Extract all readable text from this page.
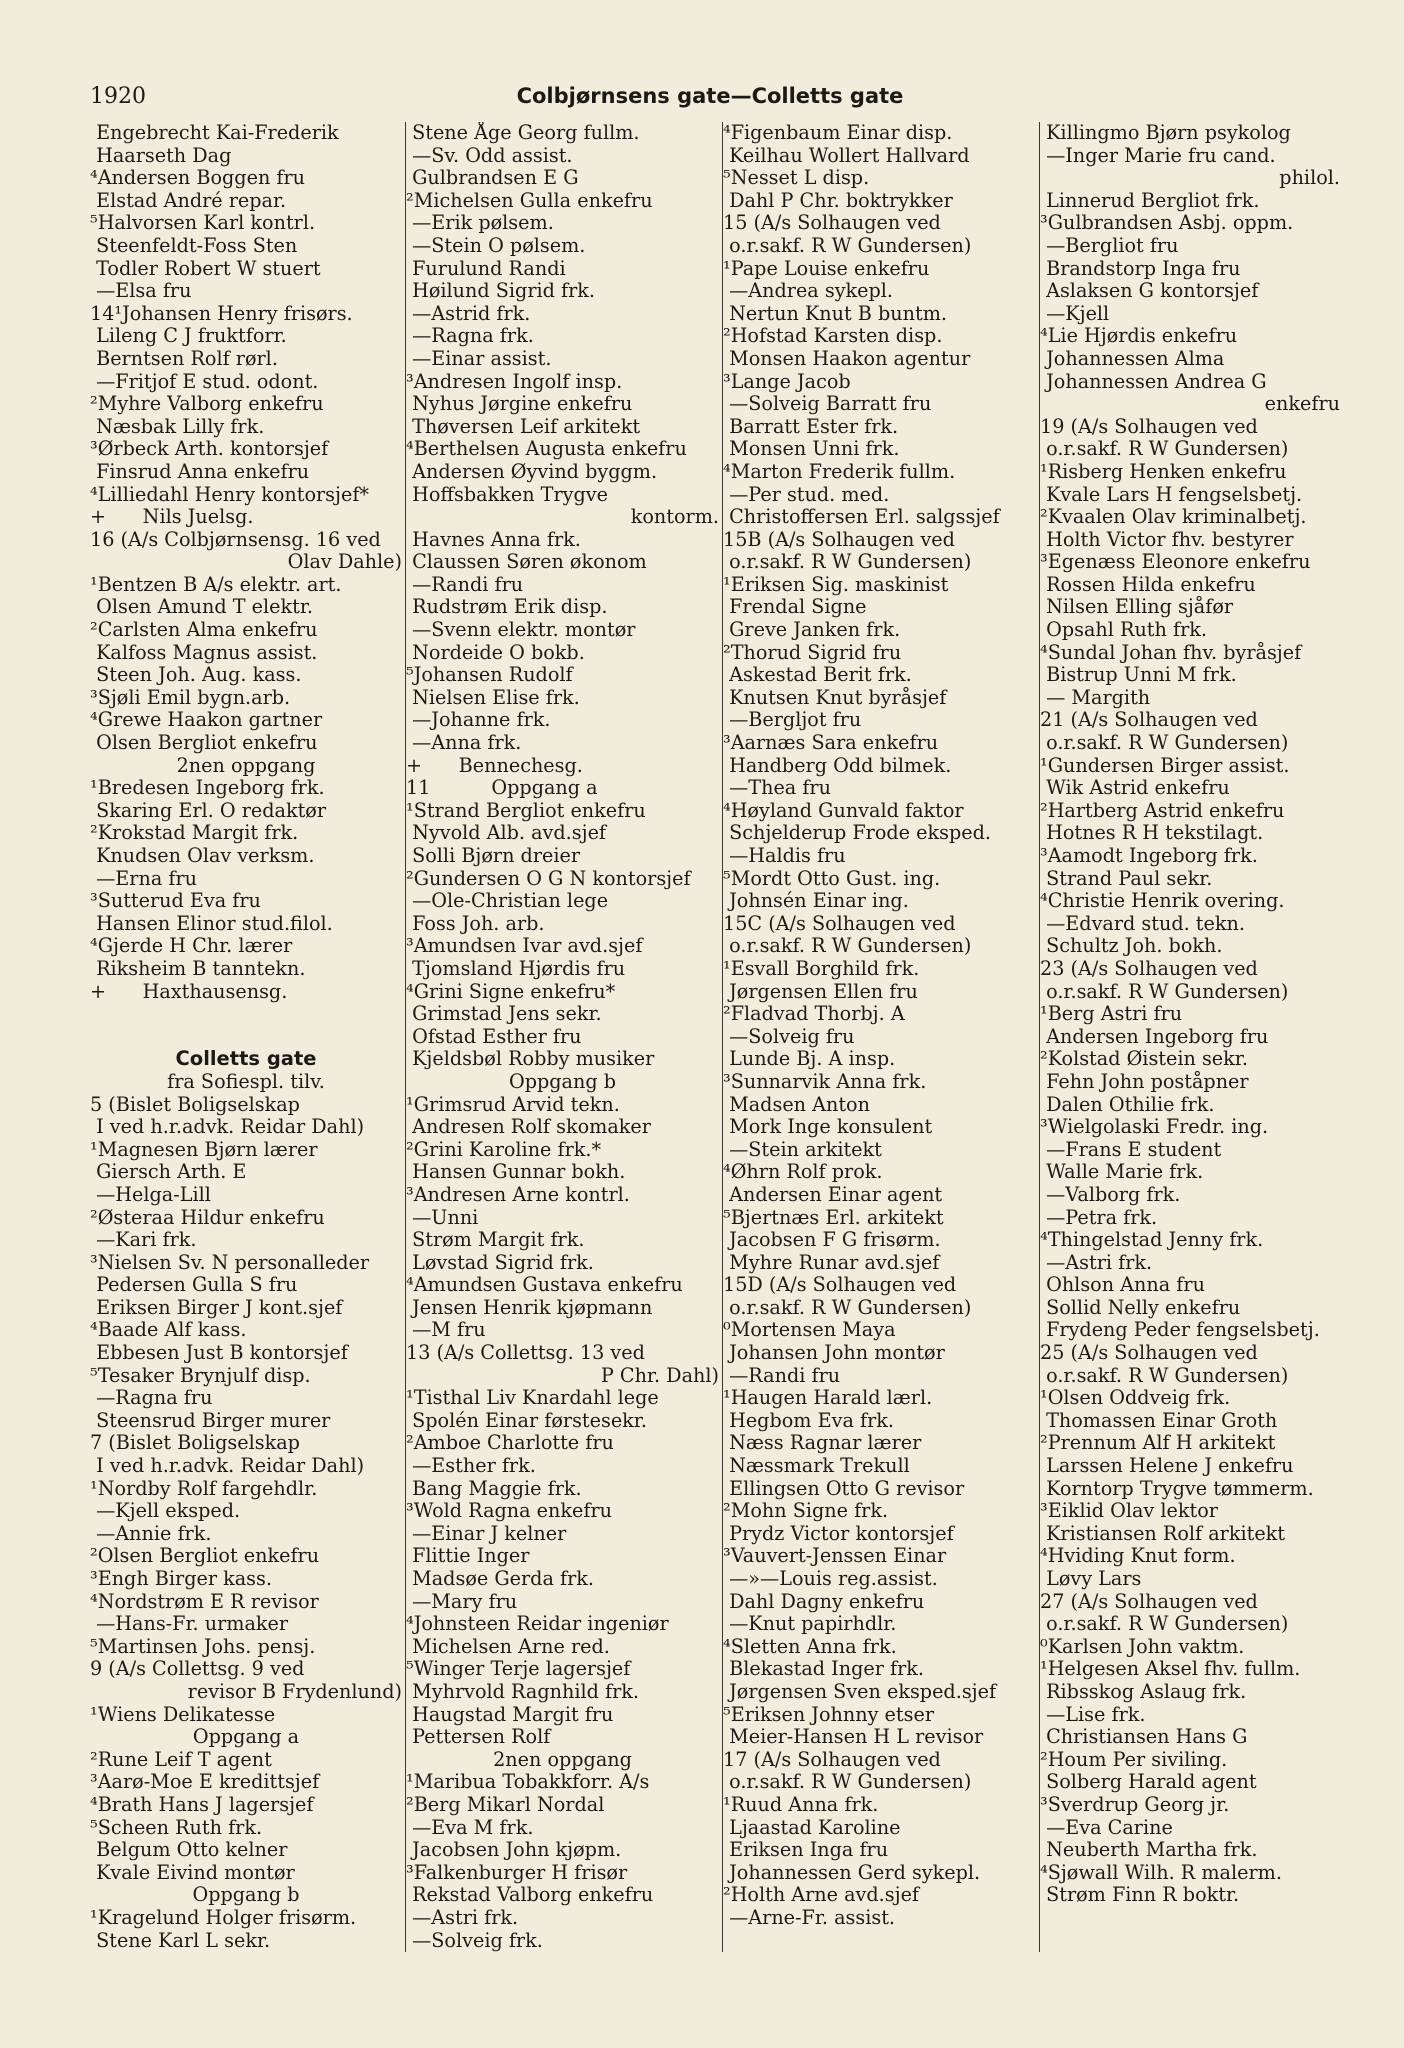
1920	Colbjørnsens gate—Colletts gate
Engebrecht Kai-Frederik
Haarseth Dag
⁴Andersen Boggen fru
Elstad André repar.
⁵Halvorsen Karl kontrl.
Steenfeldt-Foss Sten
Todler Robert W stuert
—Elsa fru
14¹Johansen Henry frisørs.
Lileng C J fruktforr.
Berntsen Rolf rørl.
—Fritjof E stud. odont.
²Myhre Valborg enkefru
Næsbak Lilly frk.
³Ørbeck Arth. kontorsjef
Finsrud Anna enkefru
⁴Lilliedahl Henry kontorsjef*
+      Nils Juelsg.
16 (A/s Colbjørnsensg. 16 ved
Olav Dahle)
¹Bentzen B A/s elektr. art.
Olsen Amund T elektr.
²Carlsten Alma enkefru
Kalfoss Magnus assist.
Steen Joh. Aug. kass.
³Sjøli Emil bygn.arb.
⁴Grewe Haakon gartner
Olsen Bergliot enkefru
2nen oppgang
¹Bredesen Ingeborg frk.
Skaring Erl. O redaktør
²Krokstad Margit frk.
Knudsen Olav verksm.
—Erna fru
³Sutterud Eva fru
Hansen Elinor stud.filol.
⁴Gjerde H Chr. lærer
Riksheim B tanntekn.
+      Haxthausensg.
Colletts gate
fra Sofiespl. tilv.
5 (Bislet Boligselskap
I ved h.r.advk. Reidar Dahl)
¹Magnesen Bjørn lærer
Giersch Arth. E
—Helga-Lill
²Østeraa Hildur enkefru
—Kari frk.
³Nielsen Sv. N personalleder
Pedersen Gulla S fru
Eriksen Birger J kont.sjef
⁴Baade Alf kass.
Ebbesen Just B kontorsjef
⁵Tesaker Brynjulf disp.
—Ragna fru
Steensrud Birger murer
7 (Bislet Boligselskap
I ved h.r.advk. Reidar Dahl)
¹Nordby Rolf fargehdlr.
—Kjell eksped.
—Annie frk.
²Olsen Bergliot enkefru
³Engh Birger kass.
⁴Nordstrøm E R revisor
—Hans-Fr. urmaker
⁵Martinsen Johs. pensj.
9 (A/s Collettsg. 9 ved
revisor B Frydenlund)
¹Wiens Delikatesse
Oppgang a
²Rune Leif T agent
³Aarø-Moe E kredittsjef
⁴Brath Hans J lagersjef
⁵Scheen Ruth frk.
Belgum Otto kelner
Kvale Eivind montør
Oppgang b
¹Kragelund Holger frisørm.
Stene Karl L sekr.
Stene Åge Georg fullm.
—Sv. Odd assist.
Gulbrandsen E G
²Michelsen Gulla enkefru
—Erik pølsem.
—Stein O pølsem.
Furulund Randi
Høilund Sigrid frk.
—Astrid frk.
—Ragna frk.
—Einar assist.
³Andresen Ingolf insp.
Nyhus Jørgine enkefru
Thøversen Leif arkitekt
⁴Berthelsen Augusta enkefru
Andersen Øyvind byggm.
Hoffsbakken Trygve
kontorm.
Havnes Anna frk.
Claussen Søren økonom
—Randi fru
Rudstrøm Erik disp.
—Svenn elektr. montør
Nordeide O bokb.
⁵Johansen Rudolf
Nielsen Elise frk.
—Johanne frk.
—Anna frk.
+      Bennechesg.
11          Oppgang a
¹Strand Bergliot enkefru
Nyvold Alb. avd.sjef
Solli Bjørn dreier
²Gundersen O G N kontorsjef
—Ole-Christian lege
Foss Joh. arb.
³Amundsen Ivar avd.sjef
Tjomsland Hjørdis fru
⁴Grini Signe enkefru*
Grimstad Jens sekr.
Ofstad Esther fru
Kjeldsbøl Robby musiker
Oppgang b
¹Grimsrud Arvid tekn.
Andresen Rolf skomaker
²Grini Karoline frk.*
Hansen Gunnar bokh.
³Andresen Arne kontrl.
—Unni
Strøm Margit frk.
Løvstad Sigrid frk.
⁴Amundsen Gustava enkefru
Jensen Henrik kjøpmann
—M fru
13 (A/s Collettsg. 13 ved
P Chr. Dahl)
¹Tisthal Liv Knardahl lege
Spolén Einar førstesekr.
²Amboe Charlotte fru
—Esther frk.
Bang Maggie frk.
³Wold Ragna enkefru
—Einar J kelner
Flittie Inger
Madsøe Gerda frk.
—Mary fru
⁴Johnsteen Reidar ingeniør
Michelsen Arne red.
⁵Winger Terje lagersjef
Myhrvold Ragnhild frk.
Haugstad Margit fru
Pettersen Rolf
2nen oppgang
¹Maribua Tobakkforr. A/s
²Berg Mikarl Nordal
—Eva M frk.
Jacobsen John kjøpm.
³Falkenburger H frisør
Rekstad Valborg enkefru
—Astri frk.
—Solveig frk.
⁴Figenbaum Einar disp.
Keilhau Wollert Hallvard
⁵Nesset L disp.
Dahl P Chr. boktrykker
15 (A/s Solhaugen ved
o.r.sakf. R W Gundersen)
¹Pape Louise enkefru
—Andrea sykepl.
Nertun Knut B buntm.
²Hofstad Karsten disp.
Monsen Haakon agentur
³Lange Jacob
—Solveig Barratt fru
Barratt Ester frk.
Monsen Unni frk.
⁴Marton Frederik fullm.
—Per stud. med.
Christoffersen Erl. salgssjef
15B (A/s Solhaugen ved
o.r.sakf. R W Gundersen)
¹Eriksen Sig. maskinist
Frendal Signe
Greve Janken frk.
²Thorud Sigrid fru
Askestad Berit frk.
Knutsen Knut byråsjef
—Bergljot fru
³Aarnæs Sara enkefru
Handberg Odd bilmek.
—Thea fru
⁴Høyland Gunvald faktor
Schjelderup Frode eksped.
—Haldis fru
⁵Mordt Otto Gust. ing.
Johnsén Einar ing.
15C (A/s Solhaugen ved
o.r.sakf. R W Gundersen)
¹Esvall Borghild frk.
Jørgensen Ellen fru
²Fladvad Thorbj. A
—Solveig fru
Lunde Bj. A insp.
³Sunnarvik Anna frk.
Madsen Anton
Mork Inge konsulent
—Stein arkitekt
⁴Øhrn Rolf prok.
Andersen Einar agent
⁵Bjertnæs Erl. arkitekt
Jacobsen F G frisørm.
Myhre Runar avd.sjef
15D (A/s Solhaugen ved
o.r.sakf. R W Gundersen)
⁰Mortensen Maya
Johansen John montør
—Randi fru
¹Haugen Harald lærl.
Hegbom Eva frk.
Næss Ragnar lærer
Næssmark Trekull
Ellingsen Otto G revisor
²Mohn Signe frk.
Prydz Victor kontorsjef
³Vauvert-Jenssen Einar
—»—Louis reg.assist.
Dahl Dagny enkefru
—Knut papirhdlr.
⁴Sletten Anna frk.
Blekastad Inger frk.
Jørgensen Sven eksped.sjef
⁵Eriksen Johnny etser
Meier-Hansen H L revisor
17 (A/s Solhaugen ved
o.r.sakf. R W Gundersen)
¹Ruud Anna frk.
Ljaastad Karoline
Eriksen Inga fru
Johannessen Gerd sykepl.
²Holth Arne avd.sjef
—Arne-Fr. assist.
Killingmo Bjørn psykolog
—Inger Marie fru cand.
philol.
Linnerud Bergliot frk.
³Gulbrandsen Asbj. oppm.
—Bergliot fru
Brandstorp Inga fru
Aslaksen G kontorsjef
—Kjell
⁴Lie Hjørdis enkefru
Johannessen Alma
Johannessen Andrea G
enkefru
19 (A/s Solhaugen ved
o.r.sakf. R W Gundersen)
¹Risberg Henken enkefru
Kvale Lars H fengselsbetj.
²Kvaalen Olav kriminalbetj.
Holth Victor fhv. bestyrer
³Egenæss Eleonore enkefru
Rossen Hilda enkefru
Nilsen Elling sjåfør
Opsahl Ruth frk.
⁴Sundal Johan fhv. byråsjef
Bistrup Unni M frk.
— Margith
21 (A/s Solhaugen ved
o.r.sakf. R W Gundersen)
¹Gundersen Birger assist.
Wik Astrid enkefru
²Hartberg Astrid enkefru
Hotnes R H tekstilagt.
³Aamodt Ingeborg frk.
Strand Paul sekr.
⁴Christie Henrik overing.
—Edvard stud. tekn.
Schultz Joh. bokh.
23 (A/s Solhaugen ved
o.r.sakf. R W Gundersen)
¹Berg Astri fru
Andersen Ingeborg fru
²Kolstad Øistein sekr.
Fehn John poståpner
Dalen Othilie frk.
³Wielgolaski Fredr. ing.
—Frans E student
Walle Marie frk.
—Valborg frk.
—Petra frk.
⁴Thingelstad Jenny frk.
—Astri frk.
Ohlson Anna fru
Sollid Nelly enkefru
Frydeng Peder fengselsbetj.
25 (A/s Solhaugen ved
o.r.sakf. R W Gundersen)
¹Olsen Oddveig frk.
Thomassen Einar Groth
²Prennum Alf H arkitekt
Larssen Helene J enkefru
Korntorp Trygve tømmerm.
³Eiklid Olav lektor
Kristiansen Rolf arkitekt
⁴Hviding Knut form.
Løvy Lars
27 (A/s Solhaugen ved
o.r.sakf. R W Gundersen)
⁰Karlsen John vaktm.
¹Helgesen Aksel fhv. fullm.
Ribsskog Aslaug frk.
—Lise frk.
Christiansen Hans G
²Houm Per siviling.
Solberg Harald agent
³Sverdrup Georg jr.
—Eva Carine
Neuberth Martha frk.
⁴Sjøwall Wilh. R malerm.
Strøm Finn R boktr.
